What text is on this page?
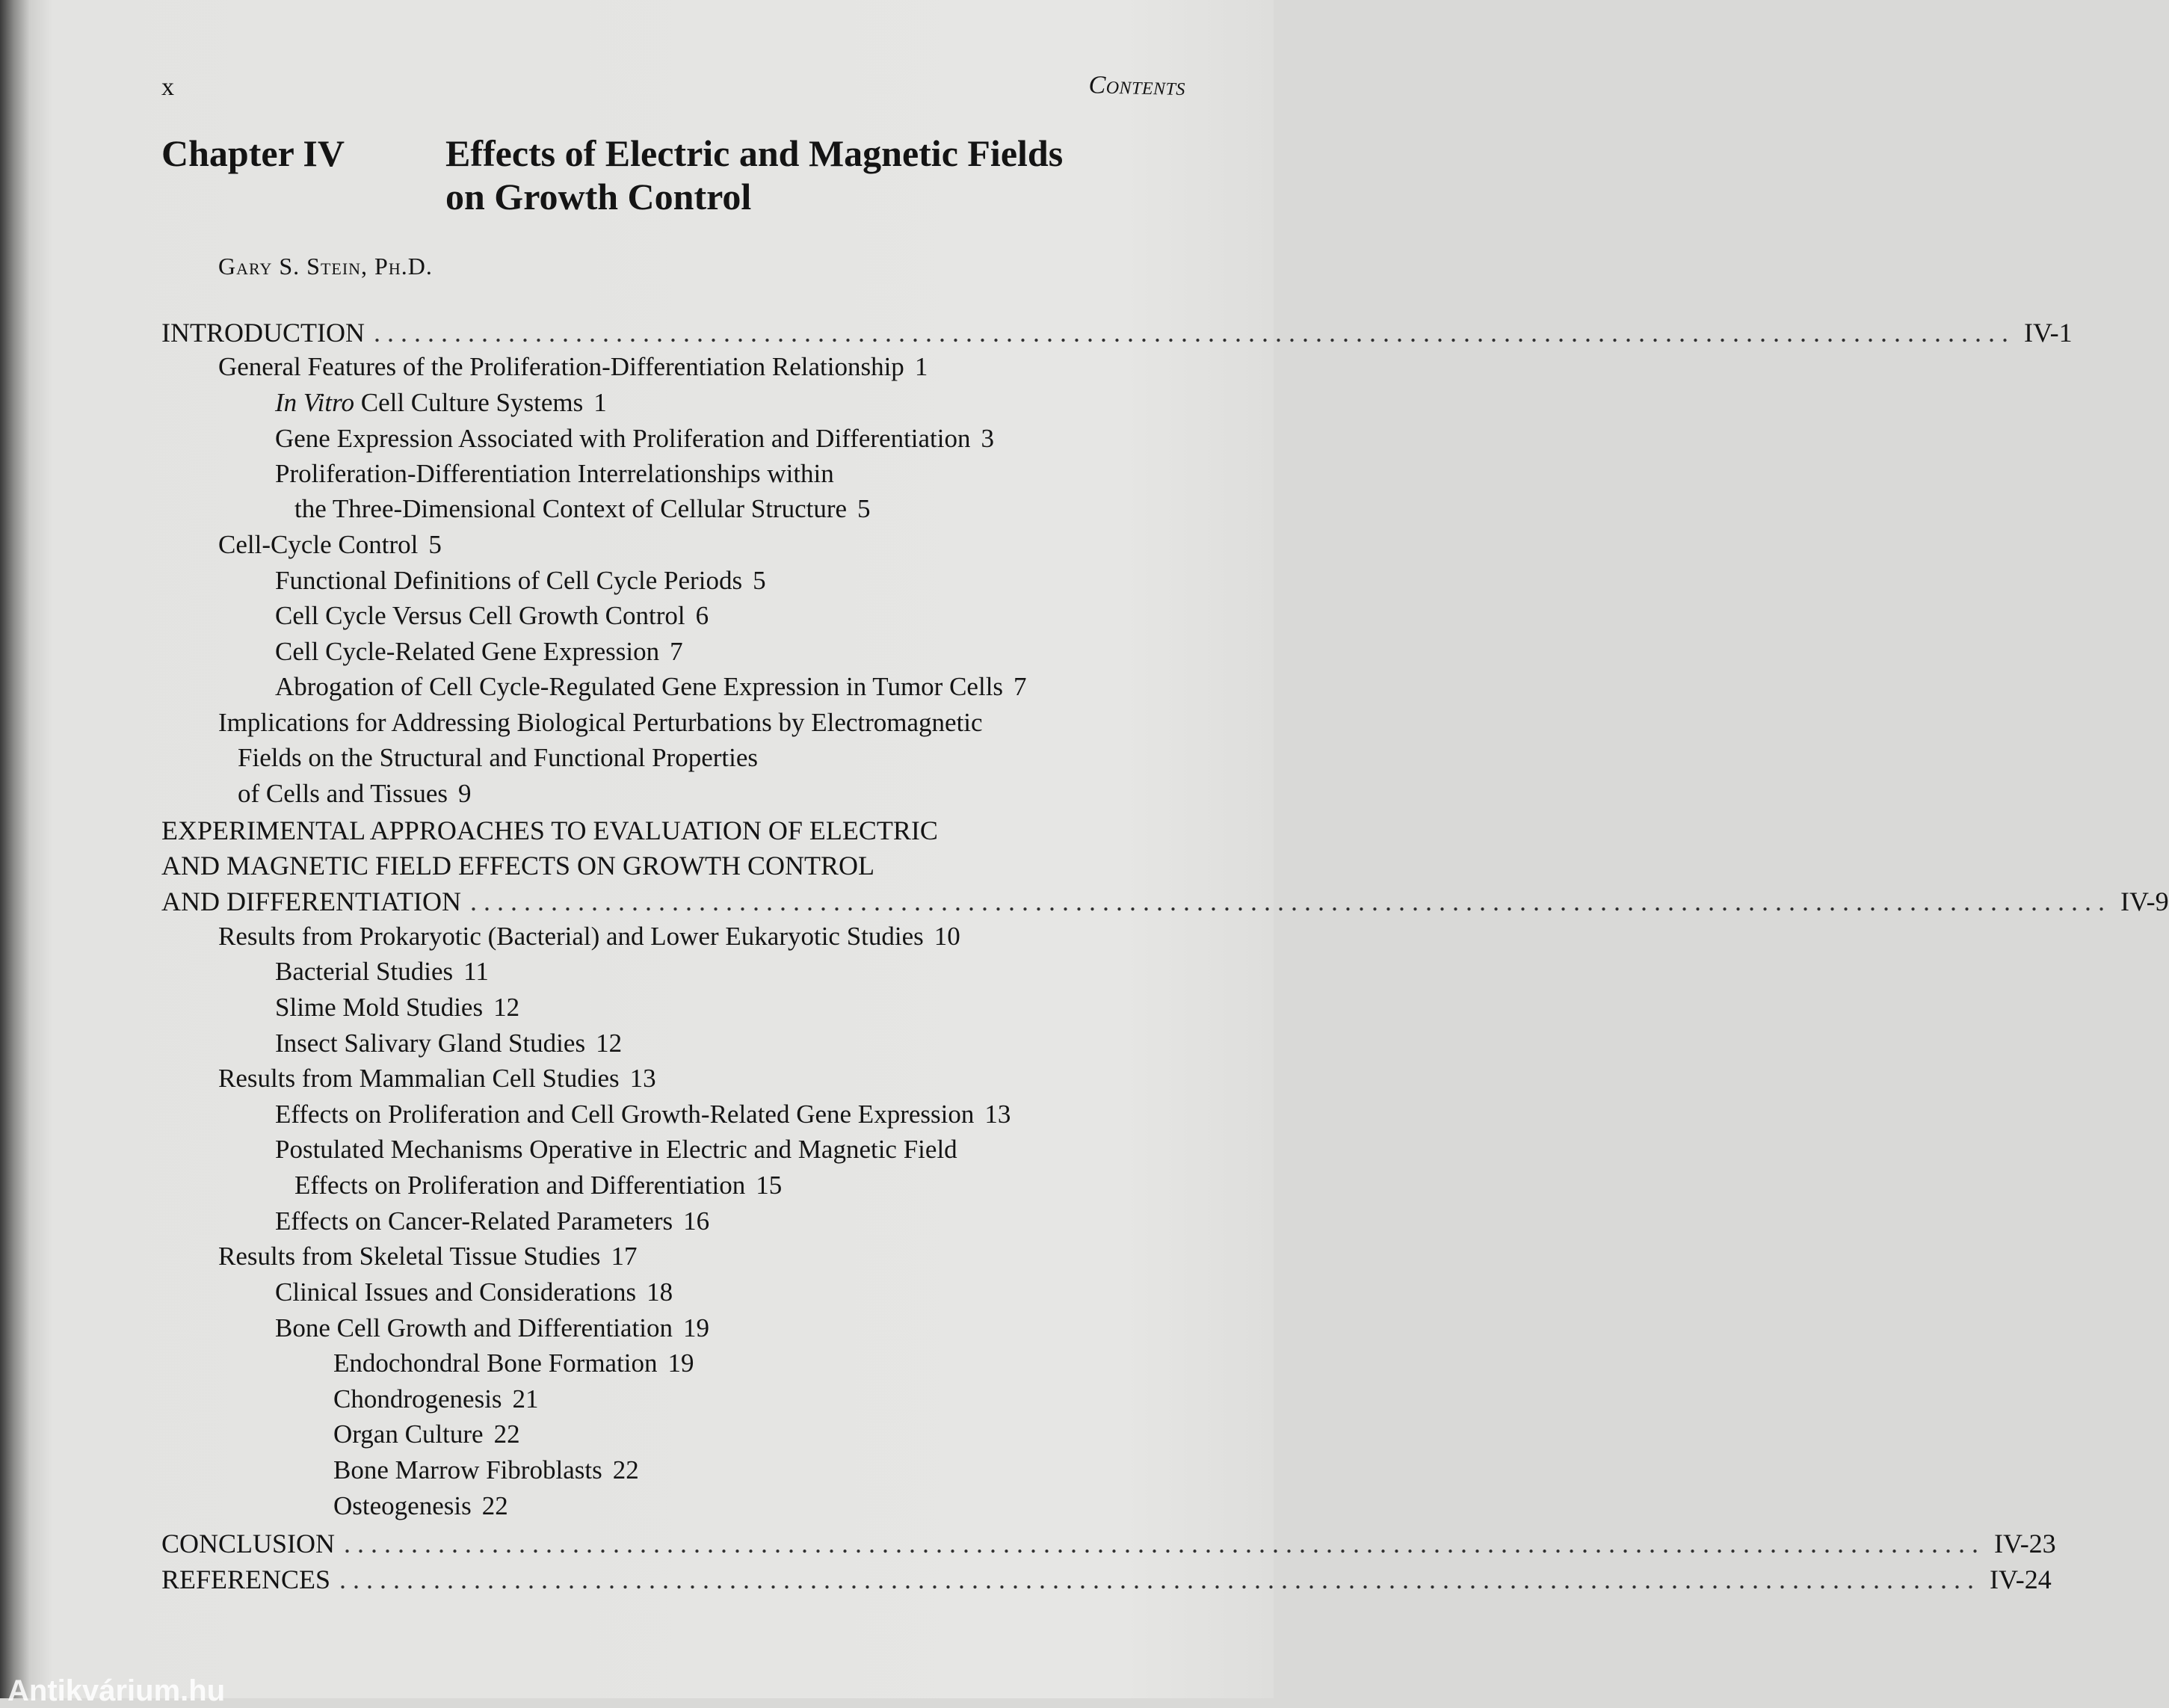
x	Contents
Chapter IV	Effects of Electric and Magnetic Fields
on Growth Control
Gary S. Stein, Ph.D.
INTRODUCTION .......................................................................................................................... IV-1
General Features of the Proliferation-Differentiation Relationship 1
In Vitro Cell Culture Systems 1
Gene Expression Associated with Proliferation and Differentiation 3
Proliferation-Differentiation Interrelationships within
the Three-Dimensional Context of Cellular Structure 5
Cell-Cycle Control 5
Functional Definitions of Cell Cycle Periods 5
Cell Cycle Versus Cell Growth Control 6
Cell Cycle-Related Gene Expression 7
Abrogation of Cell Cycle-Regulated Gene Expression in Tumor Cells 7
Implications for Addressing Biological Perturbations by Electromagnetic
Fields on the Structural and Functional Properties
of Cells and Tissues 9
EXPERIMENTAL APPROACHES TO EVALUATION OF ELECTRIC
AND MAGNETIC FIELD EFFECTS ON GROWTH CONTROL
AND DIFFERENTIATION .......................................................................................................................... IV-9
Results from Prokaryotic (Bacterial) and Lower Eukaryotic Studies 10
Bacterial Studies 11
Slime Mold Studies 12
Insect Salivary Gland Studies 12
Results from Mammalian Cell Studies 13
Effects on Proliferation and Cell Growth-Related Gene Expression 13
Postulated Mechanisms Operative in Electric and Magnetic Field
Effects on Proliferation and Differentiation 15
Effects on Cancer-Related Parameters 16
Results from Skeletal Tissue Studies 17
Clinical Issues and Considerations 18
Bone Cell Growth and Differentiation 19
Endochondral Bone Formation 19
Chondrogenesis 21
Organ Culture 22
Bone Marrow Fibroblasts 22
Osteogenesis 22
CONCLUSION .......................................................................................................................... IV-23
REFERENCES .......................................................................................................................... IV-24
Antikvárium.hu
